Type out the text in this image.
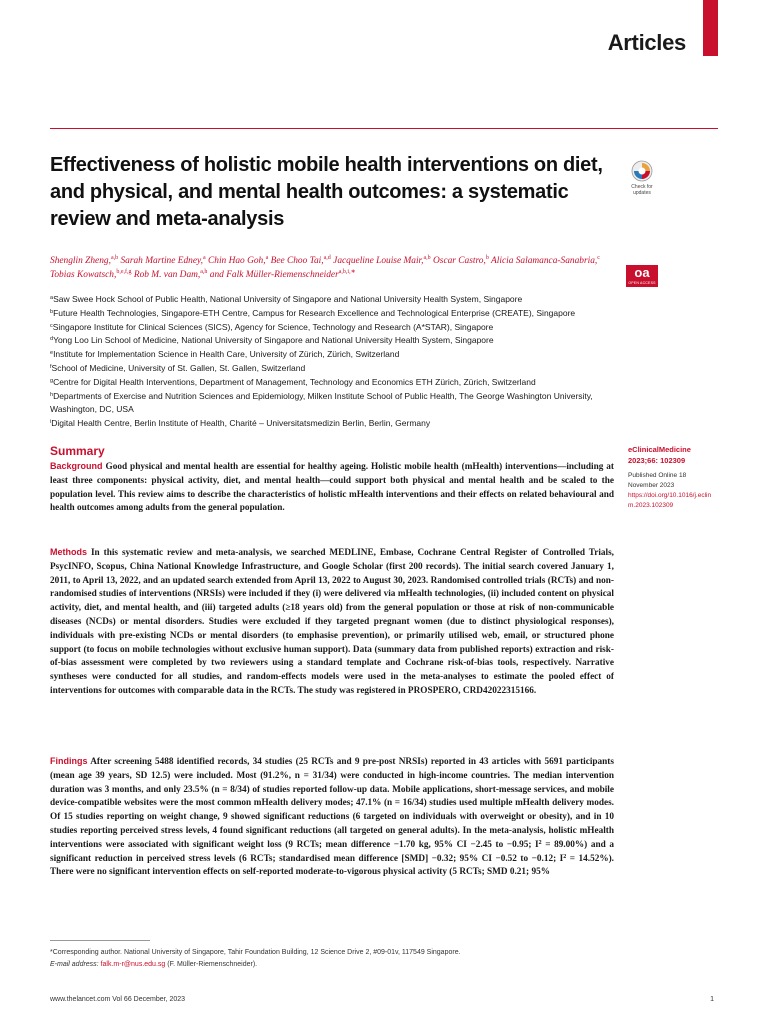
Articles
Effectiveness of holistic mobile health interventions on diet, and physical, and mental health outcomes: a systematic review and meta-analysis
Check for updates
oa
OPEN ACCESS
Shenglin Zheng,$^{a,b}$ Sarah Martine Edney,$^a$ Chin Hao Goh,$^a$ Bee Choo Tai,$^{a,d}$ Jacqueline Louise Mair,$^{a,b}$ Oscar Castro,$^b$ Alicia Salamanca-Sanabria,$^c$ Tobias Kowatsch,$^{b,e,f,g}$ Rob M. van Dam,$^{a,h}$ and Falk Müller-Riemenschneider$^{a,b,i,∗}$
$^a$Saw Swee Hock School of Public Health, National University of Singapore and National University Health System, Singapore
$^b$Future Health Technologies, Singapore-ETH Centre, Campus for Research Excellence and Technological Enterprise (CREATE), Singapore
$^c$Singapore Institute for Clinical Sciences (SICS), Agency for Science, Technology and Research (A*STAR), Singapore
$^d$Yong Loo Lin School of Medicine, National University of Singapore and National University Health System, Singapore
$^e$Institute for Implementation Science in Health Care, University of Zürich, Zürich, Switzerland
$^f$School of Medicine, University of St. Gallen, St. Gallen, Switzerland
$^g$Centre for Digital Health Interventions, Department of Management, Technology and Economics ETH Zürich, Zürich, Switzerland
$^h$Departments of Exercise and Nutrition Sciences and Epidemiology, Milken Institute School of Public Health, The George Washington University, Washington, DC, USA
$^i$Digital Health Centre, Berlin Institute of Health, Charité – Universitatsmedizin Berlin, Berlin, Germany
Summary
Background Good physical and mental health are essential for healthy ageing. Holistic mobile health (mHealth) interventions—including at least three components: physical activity, diet, and mental health—could support both physical and mental health and be scaled to the population level. This review aims to describe the characteristics of holistic mHealth interventions and their effects on related behavioural and health outcomes among adults from the general population.
Methods In this systematic review and meta-analysis, we searched MEDLINE, Embase, Cochrane Central Register of Controlled Trials, PsycINFO, Scopus, China National Knowledge Infrastructure, and Google Scholar (first 200 records). The initial search covered January 1, 2011, to April 13, 2022, and an updated search extended from April 13, 2022 to August 30, 2023. Randomised controlled trials (RCTs) and non-randomised studies of interventions (NRSIs) were included if they (i) were delivered via mHealth technologies, (ii) included content on physical activity, diet, and mental health, and (iii) targeted adults (≥18 years old) from the general population or those at risk of non-communicable diseases (NCDs) or mental disorders. Studies were excluded if they targeted pregnant women (due to distinct physiological responses), individuals with pre-existing NCDs or mental disorders (to emphasise prevention), or primarily utilised web, email, or structured phone support (to focus on mobile technologies without exclusive human support). Data (summary data from published reports) extraction and risk-of-bias assessment were completed by two reviewers using a standard template and Cochrane risk-of-bias tools, respectively. Narrative syntheses were conducted for all studies, and random-effects models were used in the meta-analyses to estimate the pooled effect of interventions for outcomes with comparable data in the RCTs. The study was registered in PROSPERO, CRD42022315166.
Findings After screening 5488 identified records, 34 studies (25 RCTs and 9 pre-post NRSIs) reported in 43 articles with 5691 participants (mean age 39 years, SD 12.5) were included. Most (91.2%, n = 31/34) were conducted in high-income countries. The median intervention duration was 3 months, and only 23.5% (n = 8/34) of studies reported follow-up data. Mobile applications, short-message services, and mobile device-compatible websites were the most common mHealth delivery modes; 47.1% (n = 16/34) studies used multiple mHealth delivery modes. Of 15 studies reporting on weight change, 9 showed significant reductions (6 targeted on individuals with overweight or obesity), and in 10 studies reporting perceived stress levels, 4 found significant reductions (all targeted on general adults). In the meta-analysis, holistic mHealth interventions were associated with significant weight loss (9 RCTs; mean difference −1.70 kg, 95% CI −2.45 to −0.95; $I^2 = 89.00\%$) and a significant reduction in perceived stress levels (6 RCTs; standardised mean difference [SMD] −0.32; 95% CI −0.52 to −0.12; $I^2 = 14.52\%$). There were no significant intervention effects on self-reported moderate-to-vigorous physical activity (5 RCTs; SMD 0.21; 95%
eClinicalMedicine 2023;66: 102309
Published Online 18 November 2023
https://doi.org/10.1016/j.eclinm.2023.102309
*Corresponding author. National University of Singapore, Tahir Foundation Building, 12 Science Drive 2, #09-01v, 117549 Singapore.
E-mail address: falk.m-r@nus.edu.sg (F. Müller-Riemenschneider).
www.thelancet.com Vol 66 December, 2023	1
